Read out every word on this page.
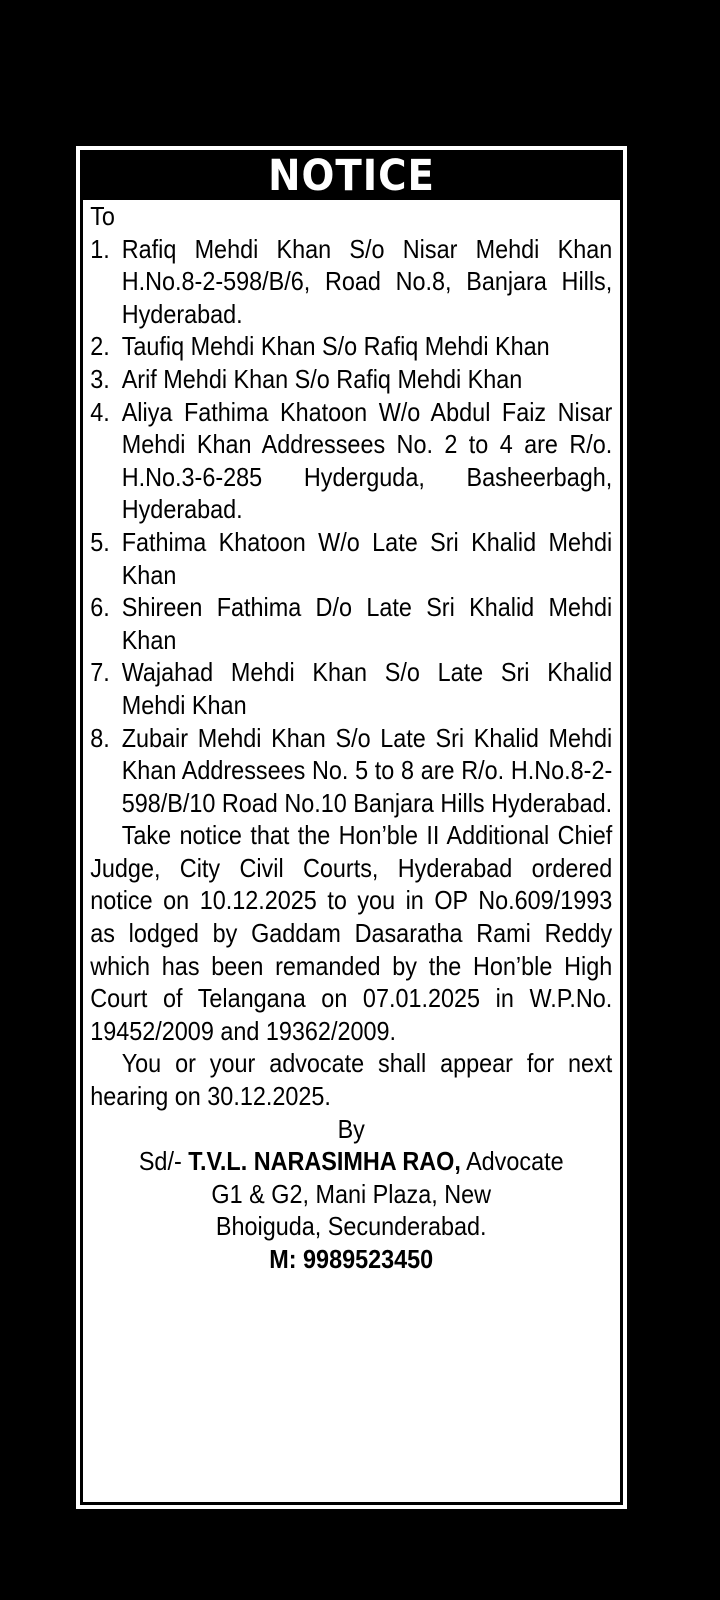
NOTICE
To
1. Rafiq Mehdi Khan S/o Nisar Mehdi Khan H.No.8-2-598/B/6, Road No.8, Banjara Hills, Hyderabad.
2. Taufiq Mehdi Khan S/o Rafiq Mehdi Khan
3. Arif Mehdi Khan S/o Rafiq Mehdi Khan
4. Aliya Fathima Khatoon W/o Abdul Faiz Nisar Mehdi Khan Addressees No. 2 to 4 are R/o. H.No.3-6-285 Hyderguda, Basheerbagh, Hyderabad.
5. Fathima Khatoon W/o Late Sri Khalid Mehdi Khan
6. Shireen Fathima D/o Late Sri Khalid Mehdi Khan
7. Wajahad Mehdi Khan S/o Late Sri Khalid Mehdi Khan
8. Zubair Mehdi Khan S/o Late Sri Khalid Mehdi Khan Addressees No. 5 to 8 are R/o. H.No.8-2-598/B/10 Road No.10 Banjara Hills Hyderabad.
Take notice that the Hon’ble II Additional Chief Judge, City Civil Courts, Hyderabad ordered notice on 10.12.2025 to you in OP No.609/1993 as lodged by Gaddam Dasaratha Rami Reddy which has been remanded by the Hon’ble High Court of Telangana on 07.01.2025 in W.P.No. 19452/2009 and 19362/2009.
You or your advocate shall appear for next hearing on 30.12.2025.
By
Sd/- T.V.L. NARASIMHA RAO, Advocate
G1 & G2, Mani Plaza, New
Bhoiguda, Secunderabad.
M: 9989523450
